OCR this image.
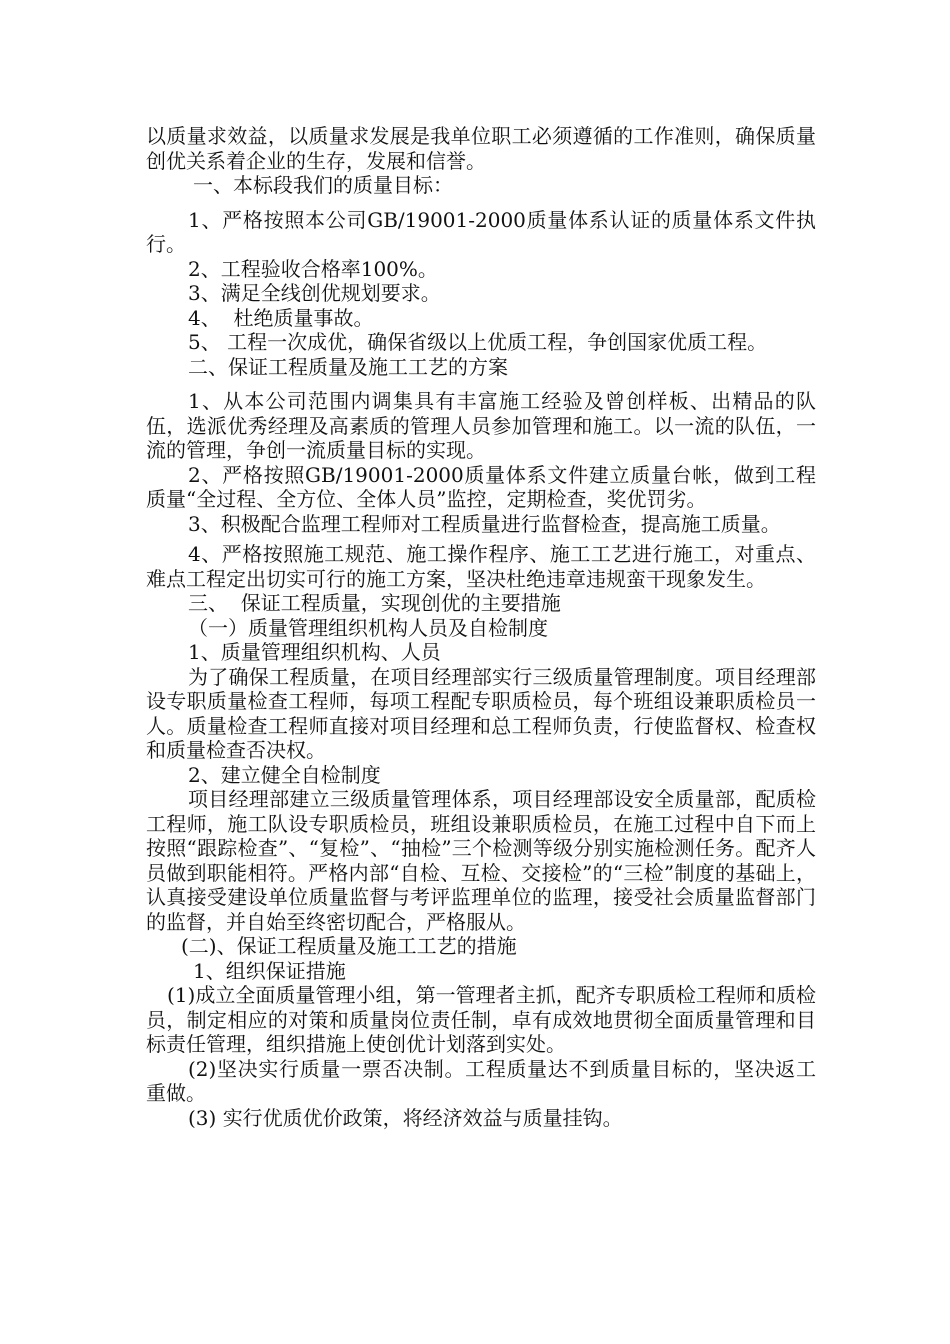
以质量求效益，以质量求发展是我单位职工必须遵循的工作准则，确保质量创优关系着企业的生存，发展和信誉。

一、本标段我们的质量目标：

1、严格按照本公司GB/19001-2000质量体系认证的质量体系文件执行。

2、工程验收合格率100%。

3、满足全线创优规划要求。

4、  杜绝质量事故。

5、 工程一次成优，确保省级以上优质工程，争创国家优质工程。

二、保证工程质量及施工工艺的方案

1、从本公司范围内调集具有丰富施工经验及曾创样板、出精品的队伍，选派优秀经理及高素质的管理人员参加管理和施工。以一流的队伍，一流的管理，争创一流质量目标的实现。

2、严格按照GB/19001-2000质量体系文件建立质量台帐，做到工程质量“全过程、全方位、全体人员”监控，定期检查，奖优罚劣。

3、积极配合监理工程师对工程质量进行监督检查，提高施工质量。

4、严格按照施工规范、施工操作程序、施工工艺进行施工，对重点、难点工程定出切实可行的施工方案，坚决杜绝违章违规蛮干现象发生。

三、  保证工程质量，实现创优的主要措施

（一）质量管理组织机构人员及自检制度

1、质量管理组织机构、人员

为了确保工程质量，在项目经理部实行三级质量管理制度。项目经理部设专职质量检查工程师，每项工程配专职质检员，每个班组设兼职质检员一人。质量检查工程师直接对项目经理和总工程师负责，行使监督权、检查权和质量检查否决权。

2、建立健全自检制度

项目经理部建立三级质量管理体系，项目经理部设安全质量部，配质检工程师，施工队设专职质检员，班组设兼职质检员，在施工过程中自下而上按照“跟踪检查”、“复检”、“抽检”三个检测等级分别实施检测任务。配齐人员做到职能相符。严格内部“自检、互检、交接检”的“三检”制度的基础上，认真接受建设单位质量监督与考评监理单位的监理，接受社会质量监督部门的监督，并自始至终密切配合，严格服从。

(二)、保证工程质量及施工工艺的措施

1、组织保证措施

(1)成立全面质量管理小组，第一管理者主抓，配齐专职质检工程师和质检员，制定相应的对策和质量岗位责任制，卓有成效地贯彻全面质量管理和目标责任管理，组织措施上使创优计划落到实处。

(2)坚决实行质量一票否决制。工程质量达不到质量目标的，坚决返工重做。

(3) 实行优质优价政策，将经济效益与质量挂钩。
